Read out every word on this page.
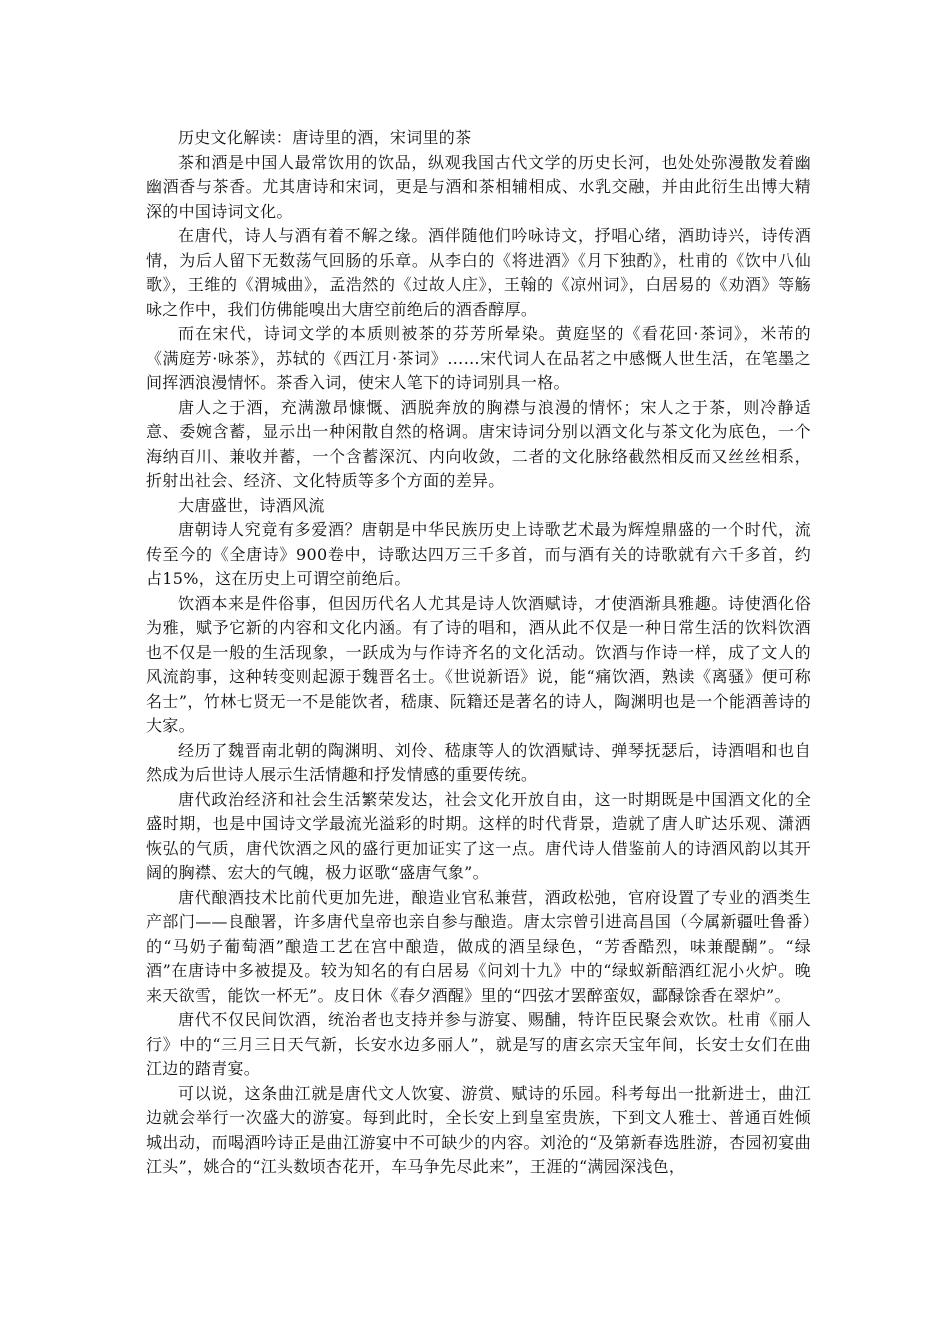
历史文化解读：唐诗里的酒，宋词里的茶

茶和酒是中国人最常饮用的饮品，纵观我国古代文学的历史长河，也处处弥漫散发着幽幽酒香与茶香。尤其唐诗和宋词，更是与酒和茶相辅相成、水乳交融，并由此衍生出博大精深的中国诗词文化。

在唐代，诗人与酒有着不解之缘。酒伴随他们吟咏诗文，抒唱心绪，酒助诗兴，诗传酒情，为后人留下无数荡气回肠的乐章。从李白的《将进酒》《月下独酌》，杜甫的《饮中八仙歌》，王维的《渭城曲》，孟浩然的《过故人庄》，王翰的《凉州词》，白居易的《劝酒》等觞咏之作中，我们仿佛能嗅出大唐空前绝后的酒香醇厚。

而在宋代，诗词文学的本质则被茶的芬芳所晕染。黄庭坚的《看花回·茶词》，米芾的《满庭芳·咏茶》，苏轼的《西江月·茶词》……宋代词人在品茗之中感慨人世生活，在笔墨之间挥洒浪漫情怀。茶香入词，使宋人笔下的诗词别具一格。

唐人之于酒，充满激昂慷慨、洒脱奔放的胸襟与浪漫的情怀；宋人之于茶，则冷静适意、委婉含蓄，显示出一种闲散自然的格调。唐宋诗词分别以酒文化与茶文化为底色，一个海纳百川、兼收并蓄，一个含蓄深沉、内向收敛，二者的文化脉络截然相反而又丝丝相系，折射出社会、经济、文化特质等多个方面的差异。

大唐盛世，诗酒风流

唐朝诗人究竟有多爱酒？唐朝是中华民族历史上诗歌艺术最为辉煌鼎盛的一个时代，流传至今的《全唐诗》900卷中，诗歌达四万三千多首，而与酒有关的诗歌就有六千多首，约占15%，这在历史上可谓空前绝后。

饮酒本来是件俗事，但因历代名人尤其是诗人饮酒赋诗，才使酒渐具雅趣。诗使酒化俗为雅，赋予它新的内容和文化内涵。有了诗的唱和，酒从此不仅是一种日常生活的饮料饮酒也不仅是一般的生活现象，一跃成为与作诗齐名的文化活动。饮酒与作诗一样，成了文人的风流韵事，这种转变则起源于魏晋名士。《世说新语》说，能“痛饮酒，熟读《离骚》便可称名士”，竹林七贤无一不是能饮者，嵇康、阮籍还是著名的诗人，陶渊明也是一个能酒善诗的大家。

经历了魏晋南北朝的陶渊明、刘伶、嵇康等人的饮酒赋诗、弹琴抚瑟后，诗酒唱和也自然成为后世诗人展示生活情趣和抒发情感的重要传统。

唐代政治经济和社会生活繁荣发达，社会文化开放自由，这一时期既是中国酒文化的全盛时期，也是中国诗文学最流光溢彩的时期。这样的时代背景，造就了唐人旷达乐观、潇洒恢弘的气质，唐代饮酒之风的盛行更加证实了这一点。唐代诗人借鉴前人的诗酒风韵以其开阔的胸襟、宏大的气魄，极力讴歌“盛唐气象”。

唐代酿酒技术比前代更加先进，酿造业官私兼营，酒政松弛，官府设置了专业的酒类生产部门——良酿署，许多唐代皇帝也亲自参与酿造。唐太宗曾引进高昌国（今属新疆吐鲁番）的“马奶子葡萄酒”酿造工艺在宫中酿造，做成的酒呈绿色，“芳香酷烈，味兼醍醐”。“绿酒”在唐诗中多被提及。较为知名的有白居易《问刘十九》中的“绿蚁新醅酒红泥小火炉。晚来天欲雪，能饮一杯无”。皮日休《春夕酒醒》里的“四弦才罢醉蛮奴，酃醁馀香在翠炉”。

唐代不仅民间饮酒，统治者也支持并参与游宴、赐酺，特许臣民聚会欢饮。杜甫《丽人行》中的“三月三日天气新，长安水边多丽人”，就是写的唐玄宗天宝年间，长安士女们在曲江边的踏青宴。

可以说，这条曲江就是唐代文人饮宴、游赏、赋诗的乐园。科考每出一批新进士，曲江边就会举行一次盛大的游宴。每到此时，全长安上到皇室贵族，下到文人雅士、普通百姓倾城出动，而喝酒吟诗正是曲江游宴中不可缺少的内容。刘沧的“及第新春选胜游，杏园初宴曲江头”，姚合的“江头数顷杏花开，车马争先尽此来”，王涯的“满园深浅色，
